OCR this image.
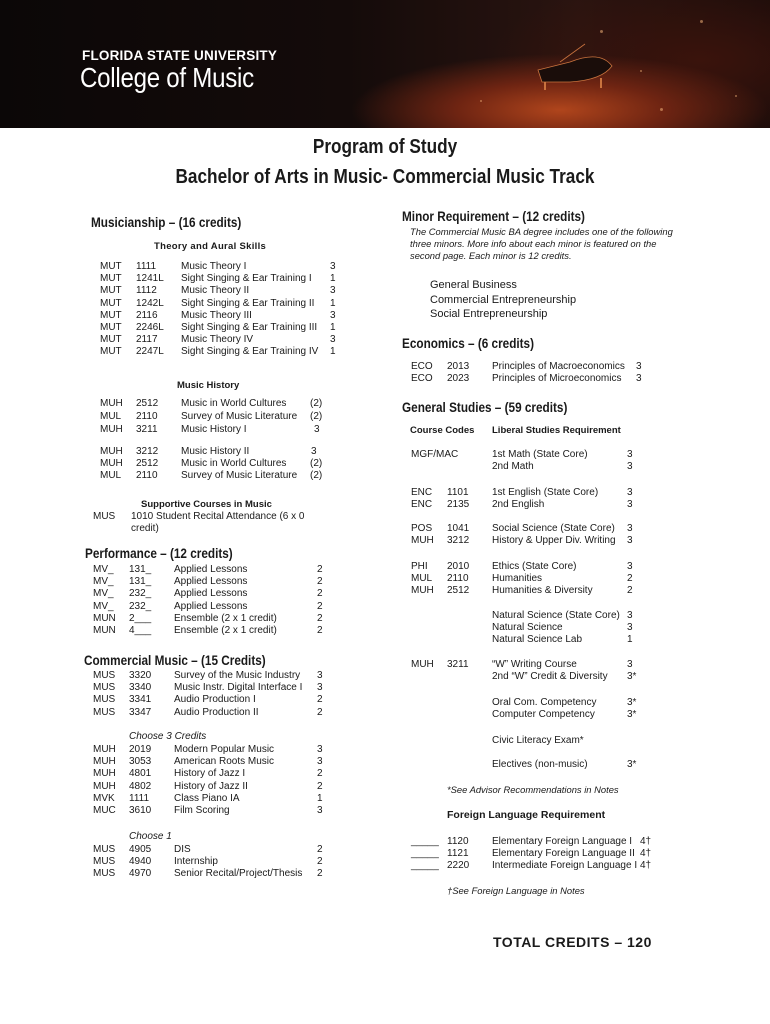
FLORIDA STATE UNIVERSITY
College of Music
Program of Study
Bachelor of Arts in Music- Commercial Music Track
Musicianship – (16 credits)
Theory and Aural Skills
MUT
MUT
MUT
MUT
MUT
MUT
MUT
MUT
1111
1241L
1112
1242L
2116
2246L
2117
2247L
Music Theory I
Sight Singing & Ear Training I
Music Theory II
Sight Singing & Ear Training II
Music Theory III
Sight Singing & Ear Training III
Music Theory IV
Sight Singing & Ear Training IV
3
1
3
1
3
1
3
1
Music History
MUH
MUL
MUH
2512
2110
3211
Music in World Cultures
Survey of Music Literature
Music History I
(2)
(2)
3
MUH
MUH
MUL
3212
2512
2110
Music History II
Music in World Cultures
Survey of Music Literature
3
(2)
(2)
Supportive Courses in Music
MUS 1010 Student Recital Attendance (6 x 0
credit)
Performance – (12 credits)
MV_
MV_
MV_
MV_
MUN
MUN
131_
131_
232_
232_
2___
4___
Applied Lessons
Applied Lessons
Applied Lessons
Applied Lessons
Ensemble (2 x 1 credit)
Ensemble (2 x 1 credit)
2
2
2
2
2
2
Commercial Music – (15 Credits)
MUS
MUS
MUS
MUS
3320
3340
3341
3347
Survey of the Music Industry
Music Instr. Digital Interface I
Audio Production I
Audio Production II
3
3
2
2
Choose 3 Credits
MUH
MUH
MUH
MUH
MVK
MUC
2019
3053
4801
4802
1111
3610
Modern Popular Music
American Roots Music
History of Jazz I
History of Jazz II
Class Piano IA
Film Scoring
3
3
2
2
1
3
Choose 1
MUS
MUS
MUS
4905
4940
4970
DIS
Internship
Senior Recital/Project/Thesis
2
2
2
Minor Requirement – (12 credits)
The Commercial Music BA degree includes one of the following
three minors. More info about each minor is featured on the
second page. Each minor is 12 credits.
General Business
Commercial Entrepreneurship
Social Entrepreneurship
Economics – (6 credits)
ECO
ECO
2013
2023
Principles of Macroeconomics
Principles of Microeconomics
3
3
General Studies – (59 credits)
Course Codes Liberal Studies Requirement
MGF/MAC	1st Math (State Core)
2nd Math
3
3
ENC
ENC
1101
2135
1st English (State Core)
2nd English
3
3
POS
MUH
1041
3212
Social Science (State Core)
History & Upper Div. Writing
3
3
PHI
MUL
MUH
2010
2110
2512
Ethics (State Core)
Humanities
Humanities & Diversity
3
2
2
Natural Science (State Core)
Natural Science
Natural Science Lab
3
3
1
MUH 3211 “W” Writing Course
2nd “W” Credit & Diversity
3
3*
Oral Com. Competency
Computer Competency
3*
3*
Civic Literacy Exam*
Electives (non-music)	3*
*See Advisor Recommendations in Notes
Foreign Language Requirement
_____
_____
_____
1120
1121
2220
Elementary Foreign Language I
Elementary Foreign Language II
Intermediate Foreign Language I
4†
4†
4†
†See Foreign Language in Notes
TOTAL CREDITS – 120
